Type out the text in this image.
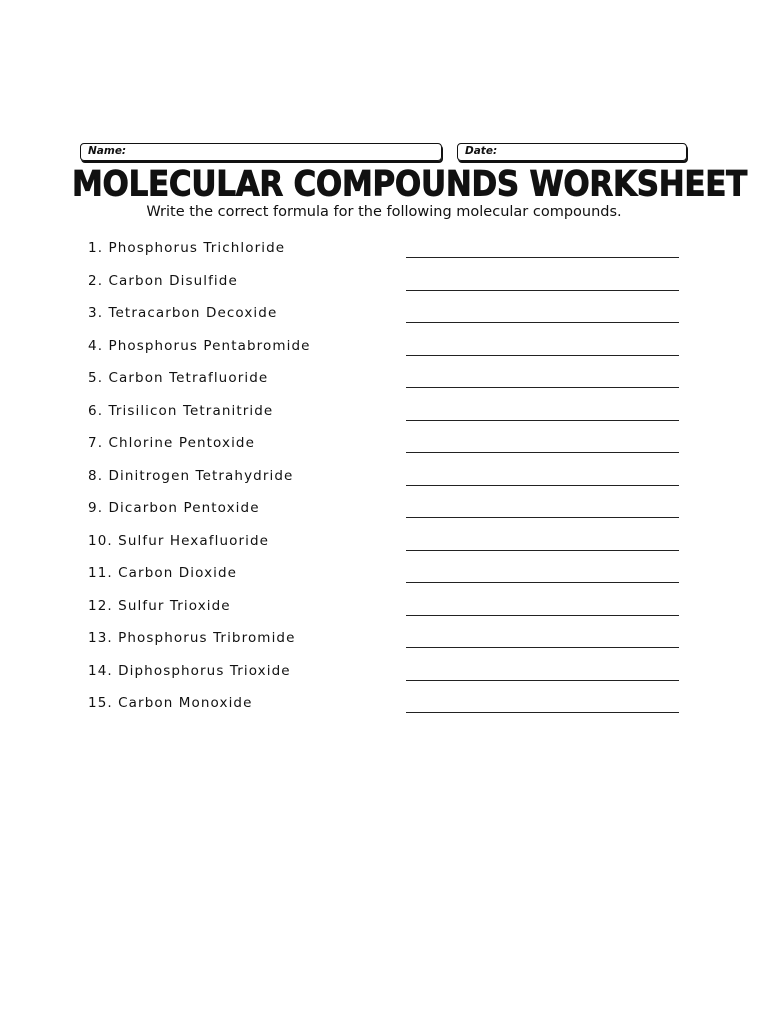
Name:	Date:
MOLECULAR COMPOUNDS WORKSHEET
Write the correct formula for the following molecular compounds.
1. Phosphorus Trichloride
2. Carbon Disulfide
3. Tetracarbon Decoxide
4. Phosphorus Pentabromide
5. Carbon Tetrafluoride
6. Trisilicon Tetranitride
7. Chlorine Pentoxide
8. Dinitrogen Tetrahydride
9. Dicarbon Pentoxide
10. Sulfur Hexafluoride
11. Carbon Dioxide
12. Sulfur Trioxide
13. Phosphorus Tribromide
14. Diphosphorus Trioxide
15. Carbon Monoxide
